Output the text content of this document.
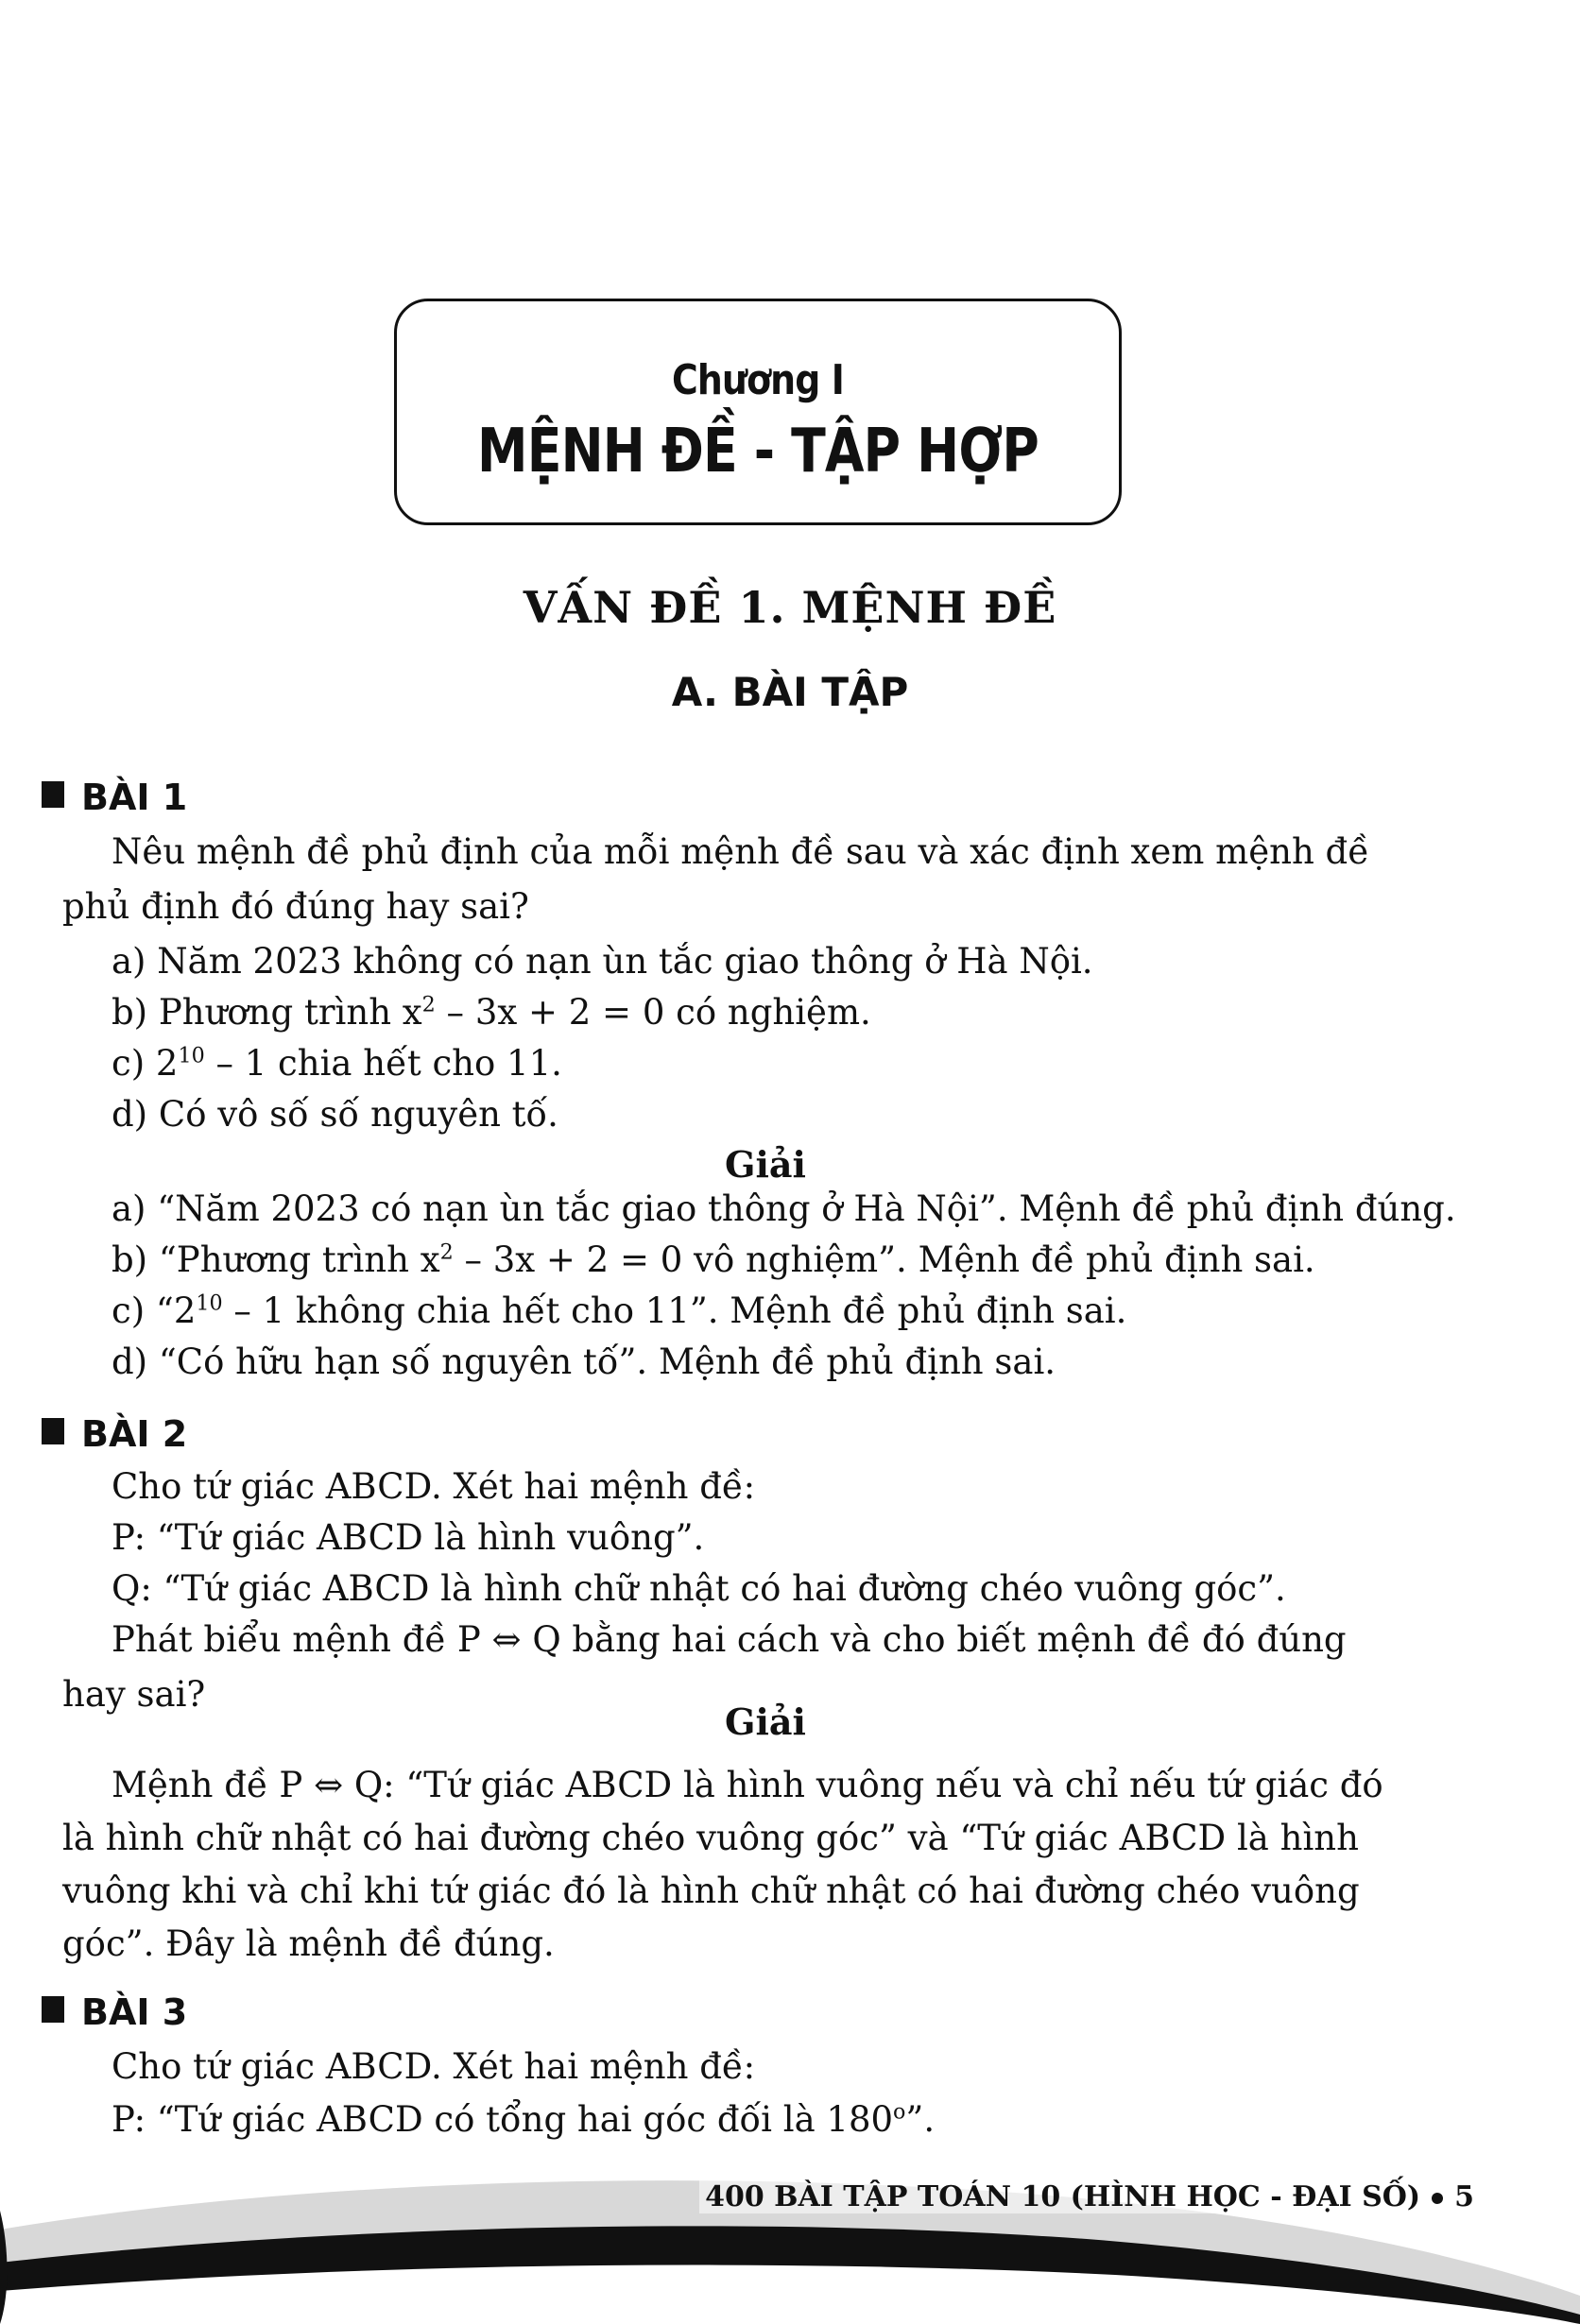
Chương I
MỆNH ĐỀ - TẬP HỢP
VẤN ĐỀ 1. MỆNH ĐỀ
A. BÀI TẬP
BÀI 1
Nêu mệnh đề phủ định của mỗi mệnh đề sau và xác định xem mệnh đề
phủ định đó đúng hay sai?
a) Năm 2023 không có nạn ùn tắc giao thông ở Hà Nội.
b) Phương trình $x^2 - 3x + 2 = 0$ có nghiệm.
c) $2^{10} - 1$ chia hết cho 11.
d) Có vô số số nguyên tố.
Giải
a) “Năm 2023 có nạn ùn tắc giao thông ở Hà Nội”. Mệnh đề phủ định đúng.
b) “Phương trình $x^2 - 3x + 2 = 0$ vô nghiệm”. Mệnh đề phủ định sai.
c) “$2^{10} - 1$ không chia hết cho 11”. Mệnh đề phủ định sai.
d) “Có hữu hạn số nguyên tố”. Mệnh đề phủ định sai.
BÀI 2
Cho tứ giác ABCD. Xét hai mệnh đề:
P: “Tứ giác ABCD là hình vuông”.
Q: “Tứ giác ABCD là hình chữ nhật có hai đường chéo vuông góc”.
Phát biểu mệnh đề P ⇔ Q bằng hai cách và cho biết mệnh đề đó đúng
hay sai?
Giải
Mệnh đề P ⇔ Q: “Tứ giác ABCD là hình vuông nếu và chỉ nếu tứ giác đó
là hình chữ nhật có hai đường chéo vuông góc” và “Tứ giác ABCD là hình
vuông khi và chỉ khi tứ giác đó là hình chữ nhật có hai đường chéo vuông
góc”. Đây là mệnh đề đúng.
BÀI 3
Cho tứ giác ABCD. Xét hai mệnh đề:
P: “Tứ giác ABCD có tổng hai góc đối là 180$^o$”.
400 BÀI TẬP TOÁN 10 (HÌNH HỌC - ĐẠI SỐ) 5
